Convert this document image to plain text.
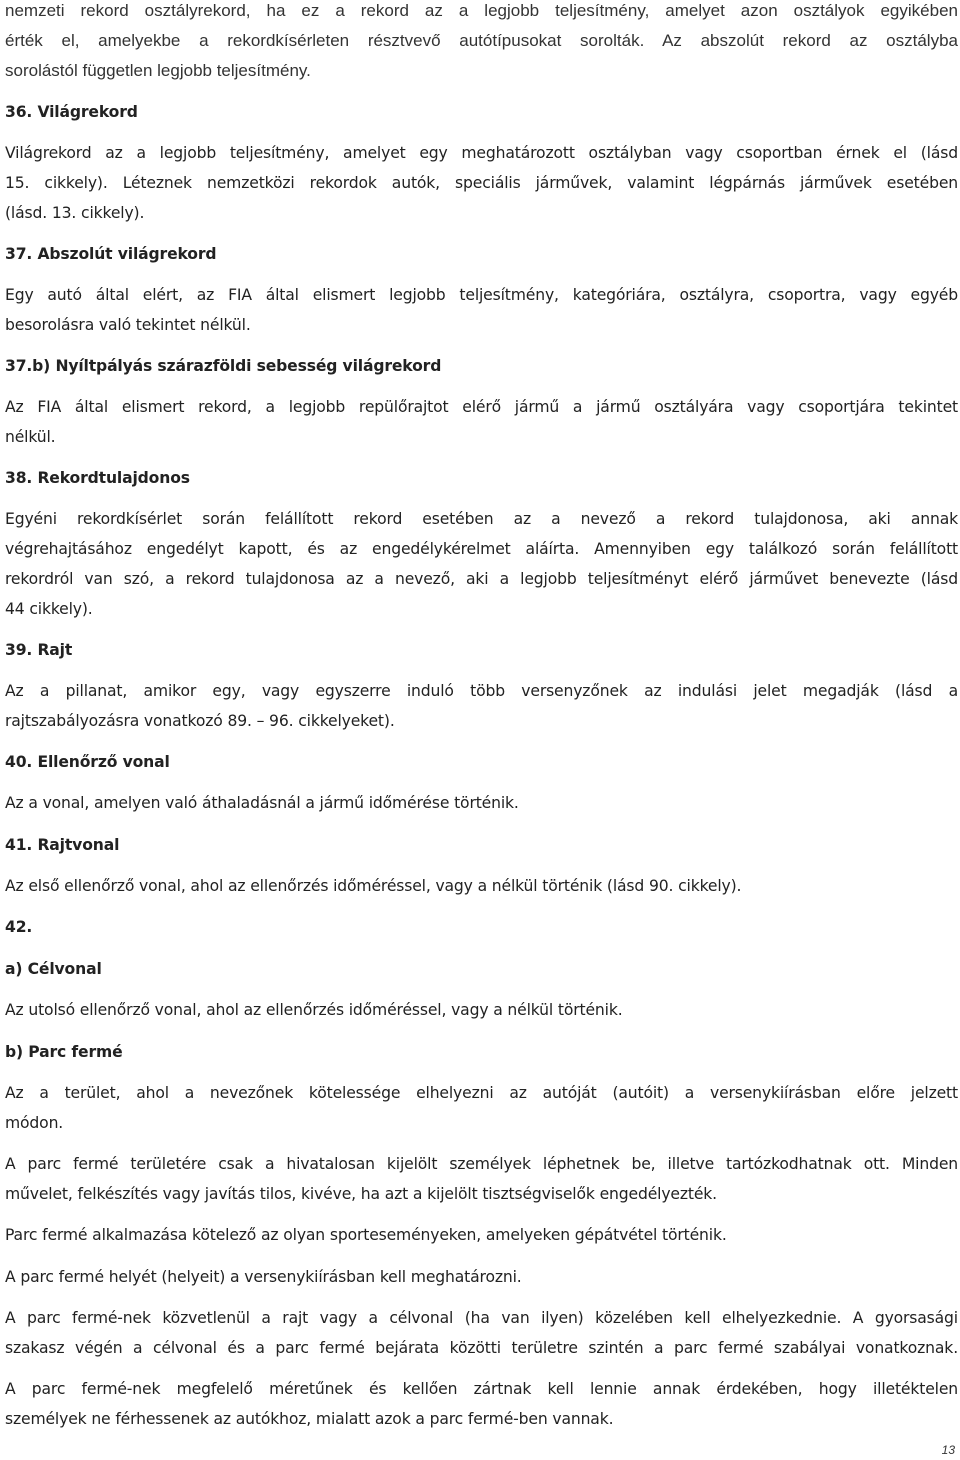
nemzeti rekord osztályrekord, ha ez a rekord az a legjobb teljesítmény, amelyet azon osztályok egyikében
érték el, amelyekbe a rekordkísérleten résztvevő autótípusokat sorolták. Az abszolút rekord az osztályba
sorolástól független legjobb teljesítmény.
36. Világrekord
Világrekord az a legjobb teljesítmény, amelyet egy meghatározott osztályban vagy csoportban érnek el (lásd
15. cikkely). Léteznek nemzetközi rekordok autók, speciális járművek, valamint légpárnás járművek esetében
(lásd. 13. cikkely).
37. Abszolút világrekord
Egy autó által elért, az FIA által elismert legjobb teljesítmény, kategóriára, osztályra, csoportra, vagy egyéb
besorolásra való tekintet nélkül.
37.b) Nyíltpályás szárazföldi sebesség világrekord
Az FIA által elismert rekord, a legjobb repülőrajtot elérő jármű a jármű osztályára vagy csoportjára tekintet
nélkül.
38. Rekordtulajdonos
Egyéni rekordkísérlet során felállított rekord esetében az a nevező a rekord tulajdonosa, aki annak
végrehajtásához engedélyt kapott, és az engedélykérelmet aláírta. Amennyiben egy találkozó során felállított
rekordról van szó, a rekord tulajdonosa az a nevező, aki a legjobb teljesítményt elérő járművet benevezte (lásd
44 cikkely).
39. Rajt
Az a pillanat, amikor egy, vagy egyszerre induló több versenyzőnek az indulási jelet megadják (lásd a
rajtszabályozásra vonatkozó 89. – 96. cikkelyeket).
40. Ellenőrző vonal
Az a vonal, amelyen való áthaladásnál a jármű időmérése történik.
41. Rajtvonal
Az első ellenőrző vonal, ahol az ellenőrzés időméréssel, vagy a nélkül történik (lásd 90. cikkely).
42.
a) Célvonal
Az utolsó ellenőrző vonal, ahol az ellenőrzés időméréssel, vagy a nélkül történik.
b) Parc fermé
Az a terület, ahol a nevezőnek kötelessége elhelyezni az autóját (autóit) a versenykiírásban előre jelzett
módon.
A parc fermé területére csak a hivatalosan kijelölt személyek léphetnek be, illetve tartózkodhatnak ott. Minden
művelet, felkészítés vagy javítás tilos, kivéve, ha azt a kijelölt tisztségviselők engedélyezték.
Parc fermé alkalmazása kötelező az olyan sporteseményeken, amelyeken gépátvétel történik.
A parc fermé helyét (helyeit) a versenykiírásban kell meghatározni.
A parc fermé-nek közvetlenül a rajt vagy a célvonal (ha van ilyen) közelében kell elhelyezkednie. A gyorsasági
szakasz végén a célvonal és a parc fermé bejárata közötti területre szintén a parc fermé szabályai vonatkoznak.
A parc fermé-nek megfelelő méretűnek és kellően zártnak kell lennie annak érdekében, hogy illetéktelen
személyek ne férhessenek az autókhoz, mialatt azok a parc fermé-ben vannak.
13
